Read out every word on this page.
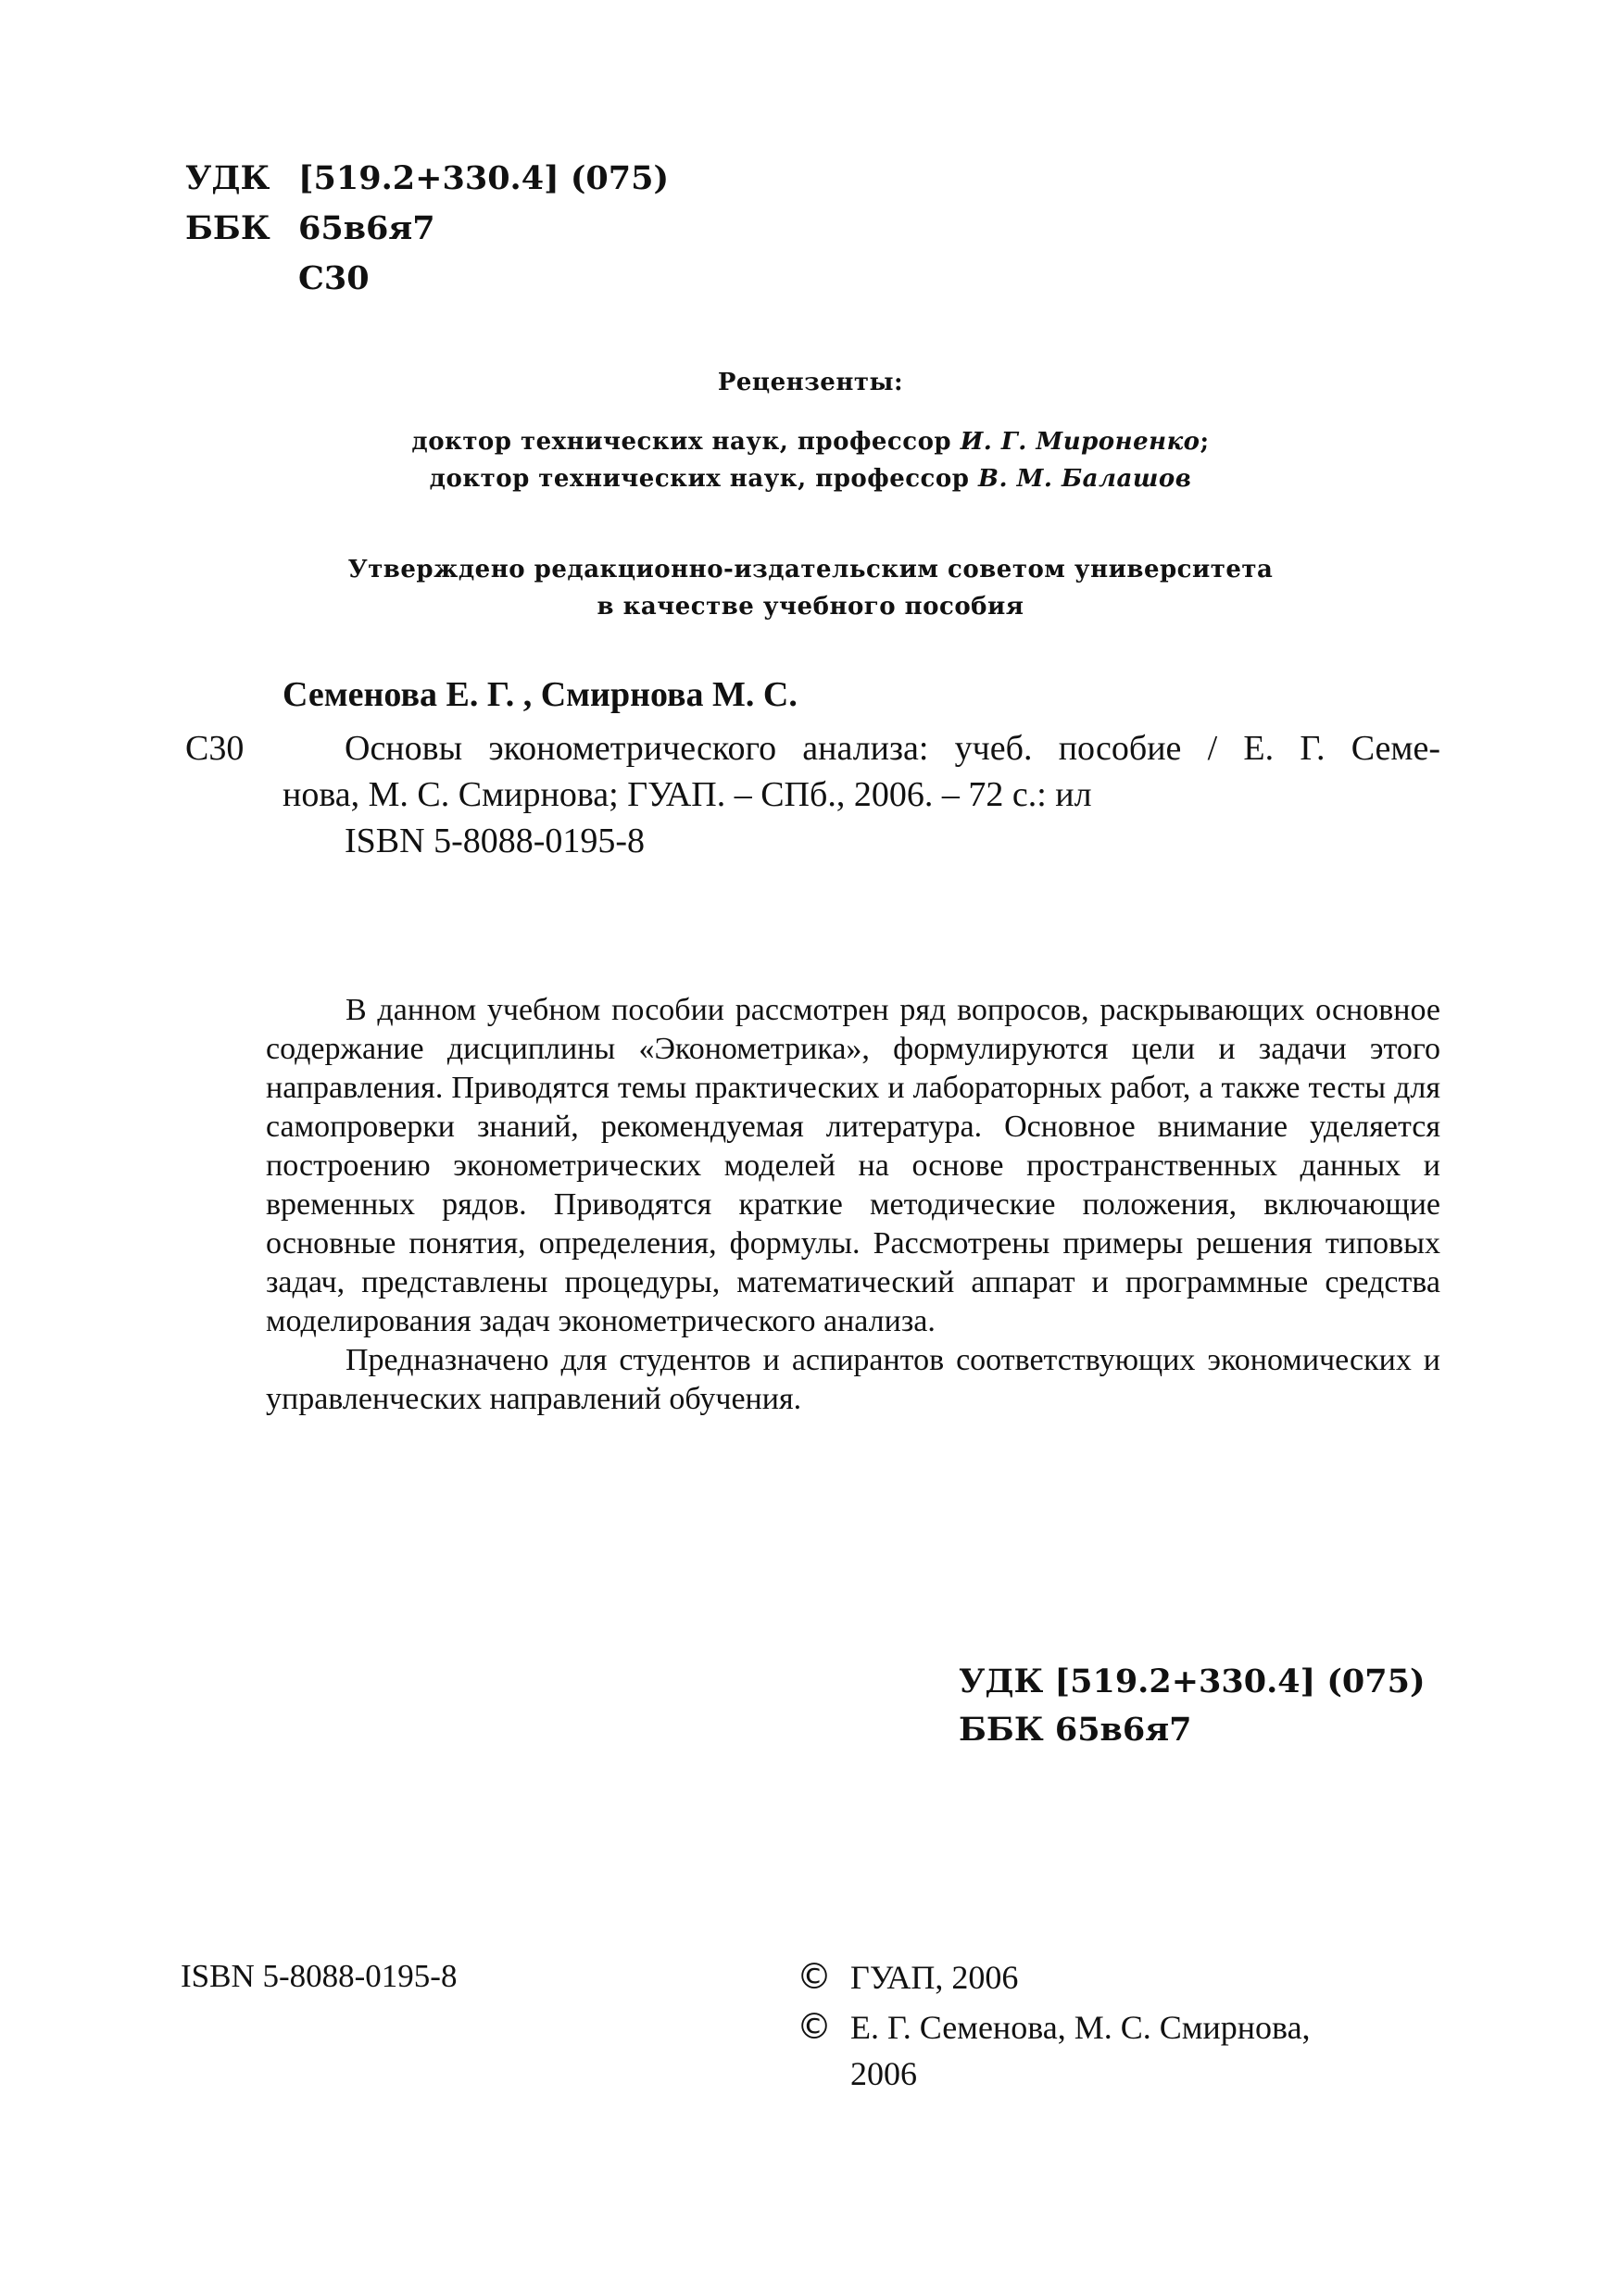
УДК [519.2+330.4] (075)
ББК 65в6я7
С30
Рецензенты:
доктор технических наук, профессор И. Г. Мироненко;
доктор технических наук, профессор В. М. Балашов
Утверждено редакционно-издательским советом университета
в качестве учебного пособия
Семенова Е. Г. , Смирнова М. С.
С30	Основы эконометрического анализа: учеб. пособие / Е. Г. Семе-
нова, М. С. Смирнова; ГУАП. – СПб., 2006. – 72 с.: ил
ISBN 5-8088-0195-8

В данном учебном пособии рассмотрен ряд вопросов, раскрывающих основное содержание дисциплины «Эконометрика», формулируются цели и задачи этого направления. Приводятся темы практических и лабораторных работ, а также тесты для самопроверки знаний, рекомендуемая литература. Основное внимание уделяется построению эконометрических моделей на основе пространственных данных и временных рядов. Приводятся краткие методические положения, включающие основные понятия, определения, формулы. Рассмотрены примеры решения типовых задач, представлены процедуры, математический аппарат и программные средства моделирования задач эконометрического анализа.

Предназначено для студентов и аспирантов соответствующих экономических и управленческих направлений обучения.

УДК [519.2+330.4] (075)
ББК 65в6я7
ISBN 5-8088-0195-8	© ГУАП, 2006
© Е. Г. Семенова, М. С. Смирнова,
2006
